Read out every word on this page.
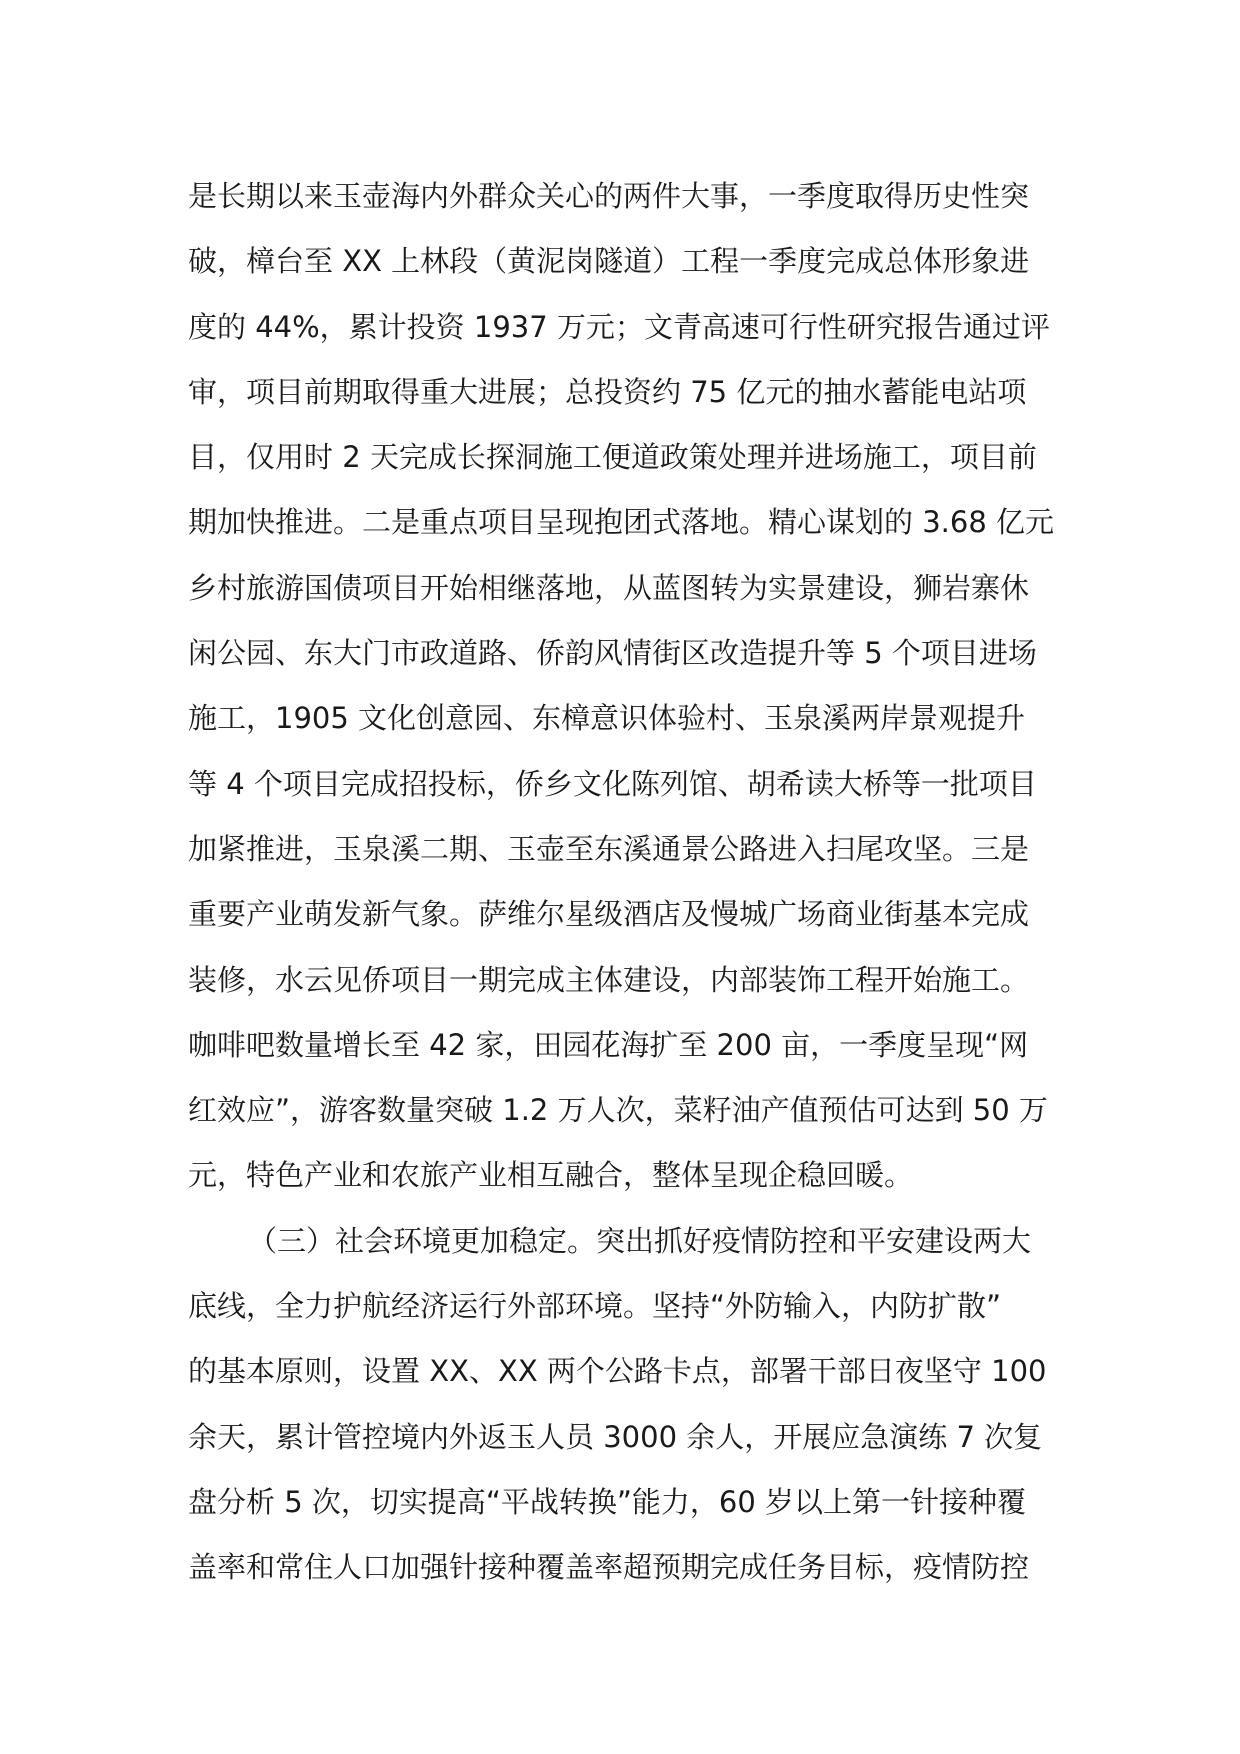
是长期以来玉壶海内外群众关心的两件大事，一季度取得历史性突
破，樟台至 XX 上林段（黄泥岗隧道）工程一季度完成总体形象进
度的 44%，累计投资 1937 万元；文青高速可行性研究报告通过评
审，项目前期取得重大进展；总投资约 75 亿元的抽水蓄能电站项
目，仅用时 2 天完成长探洞施工便道政策处理并进场施工，项目前
期加快推进。二是重点项目呈现抱团式落地。精心谋划的 3.68 亿元
乡村旅游国债项目开始相继落地，从蓝图转为实景建设，狮岩寨休
闲公园、东大门市政道路、侨韵风情街区改造提升等 5 个项目进场
施工，1905 文化创意园、东樟意识体验村、玉泉溪两岸景观提升
等 4 个项目完成招投标，侨乡文化陈列馆、胡希读大桥等一批项目
加紧推进，玉泉溪二期、玉壶至东溪通景公路进入扫尾攻坚。三是
重要产业萌发新气象。萨维尔星级酒店及慢城广场商业街基本完成
装修，水云见侨项目一期完成主体建设，内部装饰工程开始施工。
咖啡吧数量增长至 42 家，田园花海扩至 200 亩，一季度呈现“网
红效应”，游客数量突破 1.2 万人次，菜籽油产值预估可达到 50 万
元，特色产业和农旅产业相互融合，整体呈现企稳回暖。
（三）社会环境更加稳定。突出抓好疫情防控和平安建设两大
底线，全力护航经济运行外部环境。坚持“外防输入，内防扩散”
的基本原则，设置 XX、XX 两个公路卡点，部署干部日夜坚守 100
余天，累计管控境内外返玉人员 3000 余人，开展应急演练 7 次复
盘分析 5 次，切实提高“平战转换”能力，60 岁以上第一针接种覆
盖率和常住人口加强针接种覆盖率超预期完成任务目标，疫情防控
